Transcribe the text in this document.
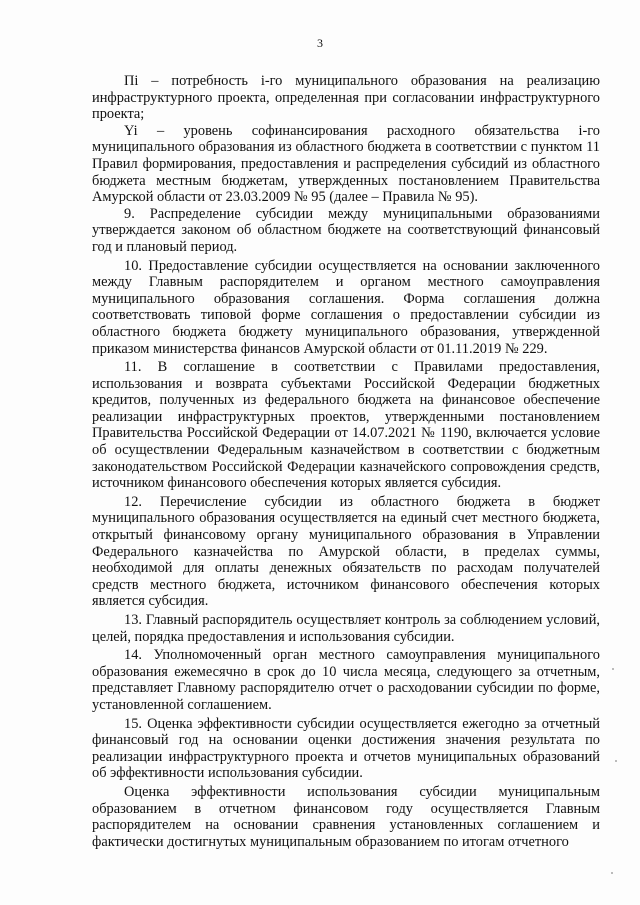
3

Пi – потребность i-го муниципального образования на реализацию инфраструктурного проекта, определенная при согласовании инфраструктурного проекта;

Yi – уровень софинансирования расходного обязательства i-го муниципального образования из областного бюджета в соответствии с пунктом 11 Правил формирования, предоставления и распределения субсидий из областного бюджета местным бюджетам, утвержденных постановлением Правительства Амурской области от 23.03.2009 № 95 (далее – Правила № 95).

9. Распределение субсидии между муниципальными образованиями утверждается законом об областном бюджете на соответствующий финансовый год и плановый период.

10. Предоставление субсидии осуществляется на основании заключенного между Главным распорядителем и органом местного самоуправления муниципального образования соглашения. Форма соглашения должна соответствовать типовой форме соглашения о предоставлении субсидии из областного бюджета бюджету муниципального образования, утвержденной приказом министерства финансов Амурской области от 01.11.2019 № 229.

11. В соглашение в соответствии с Правилами предоставления, использования и возврата субъектами Российской Федерации бюджетных кредитов, полученных из федерального бюджета на финансовое обеспечение реализации инфраструктурных проектов, утвержденными постановлением Правительства Российской Федерации от 14.07.2021 № 1190, включается условие об осуществлении Федеральным казначейством в соответствии с бюджетным законодательством Российской Федерации казначейского сопровождения средств, источником финансового обеспечения которых является субсидия.

12. Перечисление субсидии из областного бюджета в бюджет муниципального образования осуществляется на единый счет местного бюджета, открытый финансовому органу муниципального образования в Управлении Федерального казначейства по Амурской области, в пределах суммы, необходимой для оплаты денежных обязательств по расходам получателей средств местного бюджета, источником финансового обеспечения которых является субсидия.

13. Главный распорядитель осуществляет контроль за соблюдением условий, целей, порядка предоставления и использования субсидии.

14. Уполномоченный орган местного самоуправления муниципального образования ежемесячно в срок до 10 числа месяца, следующего за отчетным, представляет Главному распорядителю отчет о расходовании субсидии по форме, установленной соглашением.

15. Оценка эффективности субсидии осуществляется ежегодно за отчетный финансовый год на основании оценки достижения значения результата по реализации инфраструктурного проекта и отчетов муниципальных образований об эффективности использования субсидии.

Оценка эффективности использования субсидии муниципальным образованием в отчетном финансовом году осуществляется Главным распорядителем на основании сравнения установленных соглашением и фактически достигнутых муниципальным образованием по итогам отчетного
